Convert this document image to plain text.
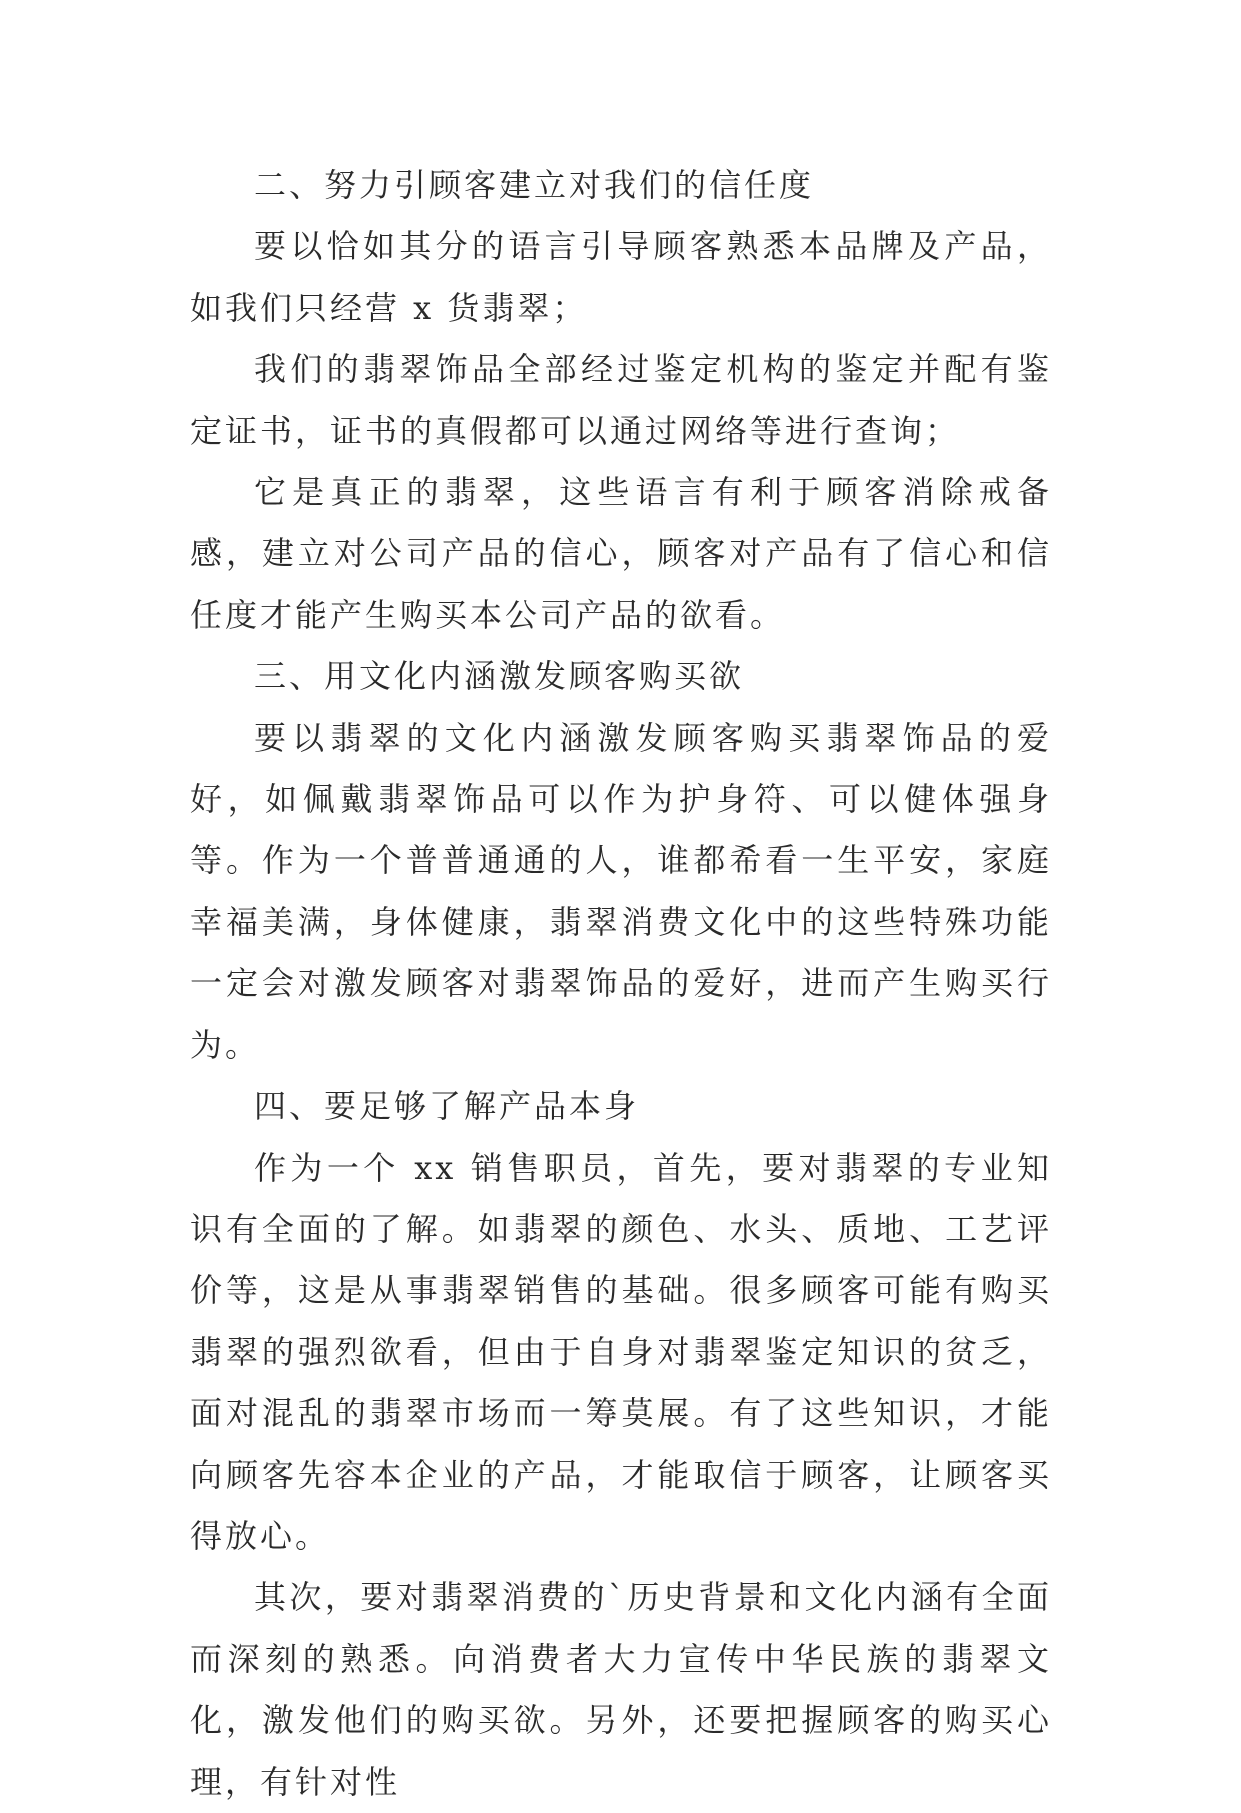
二、努力引顾客建立对我们的信任度

要以恰如其分的语言引导顾客熟悉本品牌及产品，如我们只经营 x 货翡翠；

我们的翡翠饰品全部经过鉴定机构的鉴定并配有鉴定证书，证书的真假都可以通过网络等进行查询；

它是真正的翡翠，这些语言有利于顾客消除戒备感，建立对公司产品的信心，顾客对产品有了信心和信任度才能产生购买本公司产品的欲看。

三、用文化内涵激发顾客购买欲

要以翡翠的文化内涵激发顾客购买翡翠饰品的爱好，如佩戴翡翠饰品可以作为护身符、可以健体强身等。作为一个普普通通的人，谁都希看一生平安，家庭幸福美满，身体健康，翡翠消费文化中的这些特殊功能一定会对激发顾客对翡翠饰品的爱好，进而产生购买行为。

四、要足够了解产品本身

作为一个 xx 销售职员，首先，要对翡翠的专业知识有全面的了解。如翡翠的颜色、水头、质地、工艺评价等，这是从事翡翠销售的基础。很多顾客可能有购买翡翠的强烈欲看，但由于自身对翡翠鉴定知识的贫乏，面对混乱的翡翠市场而一筹莫展。有了这些知识，才能向顾客先容本企业的产品，才能取信于顾客，让顾客买得放心。

其次，要对翡翠消费的`历史背景和文化内涵有全面而深刻的熟悉。向消费者大力宣传中华民族的翡翠文化，激发他们的购买欲。另外，还要把握顾客的购买心理，有针对性
